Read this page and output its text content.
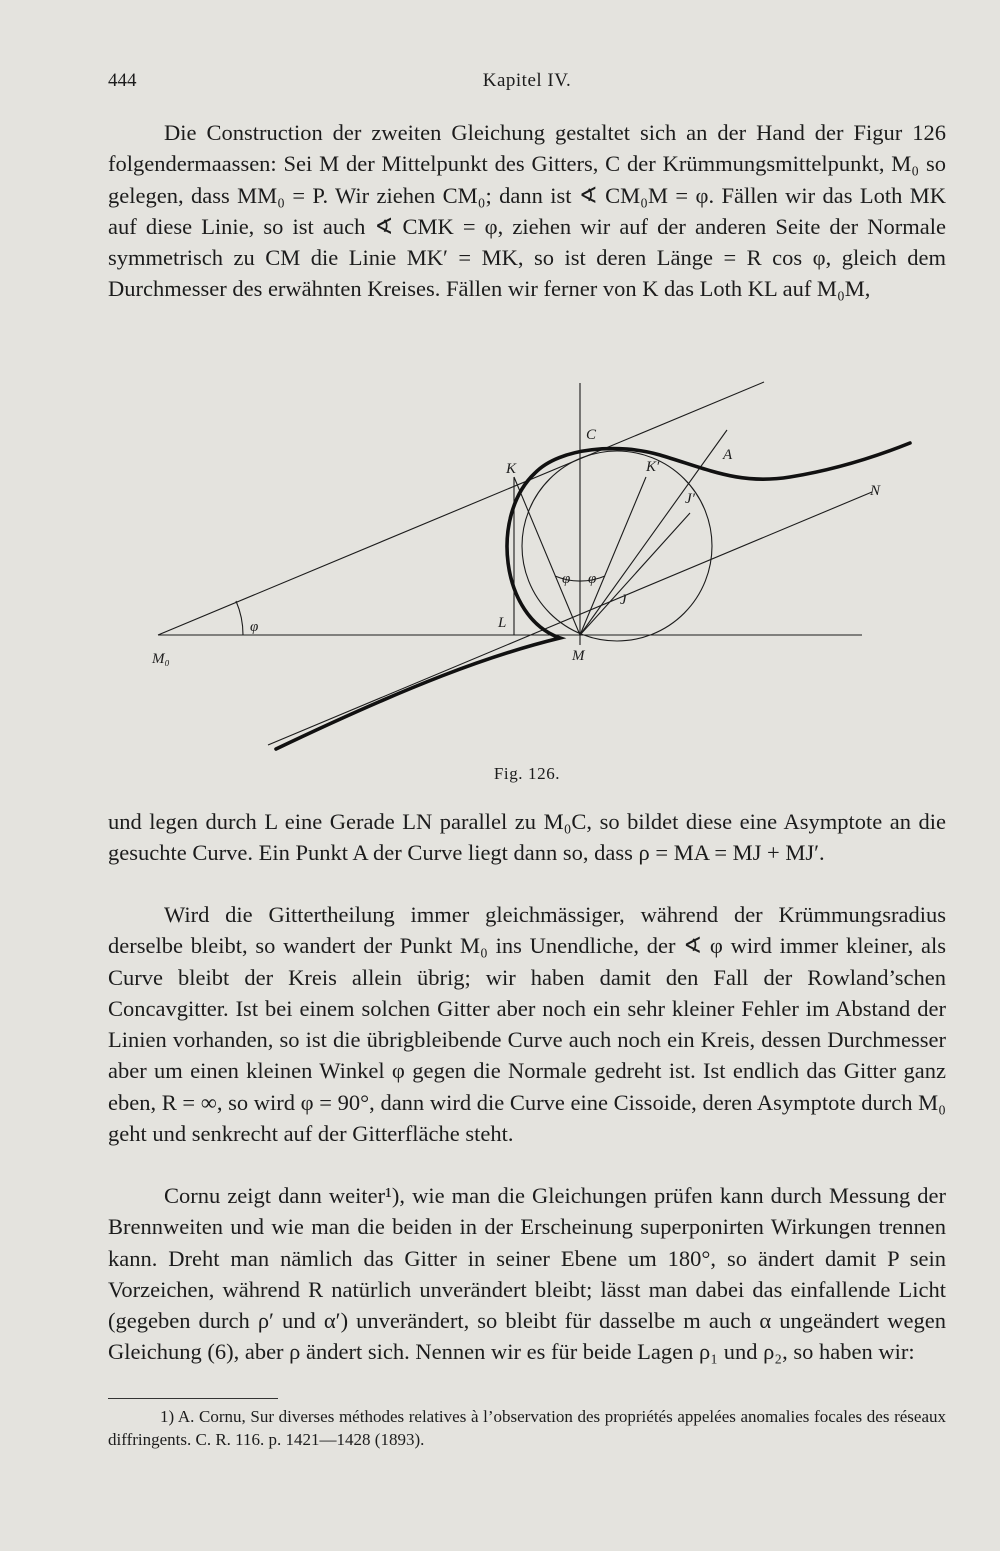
444	Kapitel IV.

Die Construction der zweiten Gleichung gestaltet sich an der Hand der Figur 126 folgendermaassen: Sei M der Mittelpunkt des Gitters, C der Krümmungsmittelpunkt, M₀ so gelegen, dass MM₀ = P. Wir ziehen CM₀; dann ist ∢ CM₀M = φ. Fällen wir das Loth MK auf diese Linie, so ist auch ∢ CMK = φ, ziehen wir auf der anderen Seite der Normale symmetrisch zu CM die Linie MK′ = MK, so ist deren Länge = R cos φ, gleich dem Durchmesser des erwähnten Kreises. Fällen wir ferner von K das Loth KL auf M₀M,

C
K	K′
A
J′	N
φ
φ φ
J
L
M₀	M
Fig. 126.

und legen durch L eine Gerade LN parallel zu M₀C, so bildet diese eine Asymptote an die gesuchte Curve. Ein Punkt A der Curve liegt dann so, dass ρ = MA = MJ + MJ′.

Wird die Gittertheilung immer gleichmässiger, während der Krümmungsradius derselbe bleibt, so wandert der Punkt M₀ ins Unendliche, der ∢ φ wird immer kleiner, als Curve bleibt der Kreis allein übrig; wir haben damit den Fall der Rowland’schen Concavgitter. Ist bei einem solchen Gitter aber noch ein sehr kleiner Fehler im Abstand der Linien vorhanden, so ist die übrigbleibende Curve auch noch ein Kreis, dessen Durchmesser aber um einen kleinen Winkel φ gegen die Normale gedreht ist. Ist endlich das Gitter ganz eben, R = ∞, so wird φ = 90°, dann wird die Curve eine Cissoide, deren Asymptote durch M₀ geht und senkrecht auf der Gitterfläche steht.

Cornu zeigt dann weiter¹), wie man die Gleichungen prüfen kann durch Messung der Brennweiten und wie man die beiden in der Erscheinung superponirten Wirkungen trennen kann. Dreht man nämlich das Gitter in seiner Ebene um 180°, so ändert damit P sein Vorzeichen, während R natürlich unverändert bleibt; lässt man dabei das einfallende Licht (gegeben durch ρ′ und α′) unverändert, so bleibt für dasselbe m auch α ungeändert wegen Gleichung (6), aber ρ ändert sich. Nennen wir es für beide Lagen ρ₁ und ρ₂, so haben wir:

1) A. Cornu, Sur diverses méthodes relatives à l’observation des propriétés appelées anomalies focales des réseaux diffringents. C. R. 116. p. 1421—1428 (1893).
